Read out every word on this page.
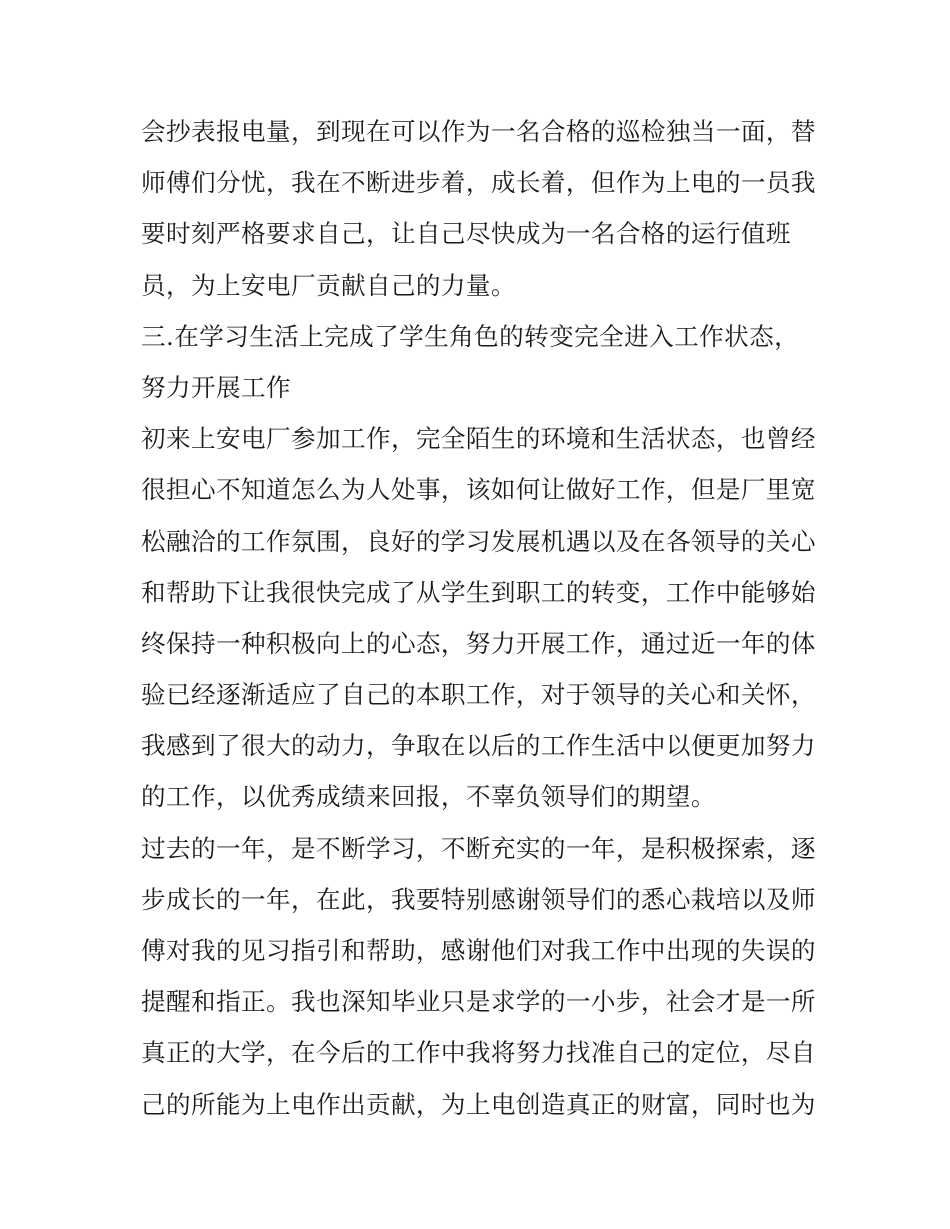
会抄表报电量，到现在可以作为一名合格的巡检独当一面，替
师傅们分忧，我在不断进步着，成长着，但作为上电的一员我
要时刻严格要求自己，让自己尽快成为一名合格的运行值班
员，为上安电厂贡献自己的力量。
三.在学习生活上完成了学生角色的转变完全进入工作状态，
努力开展工作
初来上安电厂参加工作，完全陌生的环境和生活状态，也曾经
很担心不知道怎么为人处事，该如何让做好工作，但是厂里宽
松融洽的工作氛围，良好的学习发展机遇以及在各领导的关心
和帮助下让我很快完成了从学生到职工的转变，工作中能够始
终保持一种积极向上的心态，努力开展工作，通过近一年的体
验已经逐渐适应了自己的本职工作，对于领导的关心和关怀，
我感到了很大的动力，争取在以后的工作生活中以便更加努力
的工作，以优秀成绩来回报，不辜负领导们的期望。
过去的一年，是不断学习，不断充实的一年，是积极探索，逐
步成长的一年，在此，我要特别感谢领导们的悉心栽培以及师
傅对我的见习指引和帮助，感谢他们对我工作中出现的失误的
提醒和指正。我也深知毕业只是求学的一小步，社会才是一所
真正的大学，在今后的工作中我将努力找准自己的定位，尽自
己的所能为上电作出贡献，为上电创造真正的财富，同时也为
